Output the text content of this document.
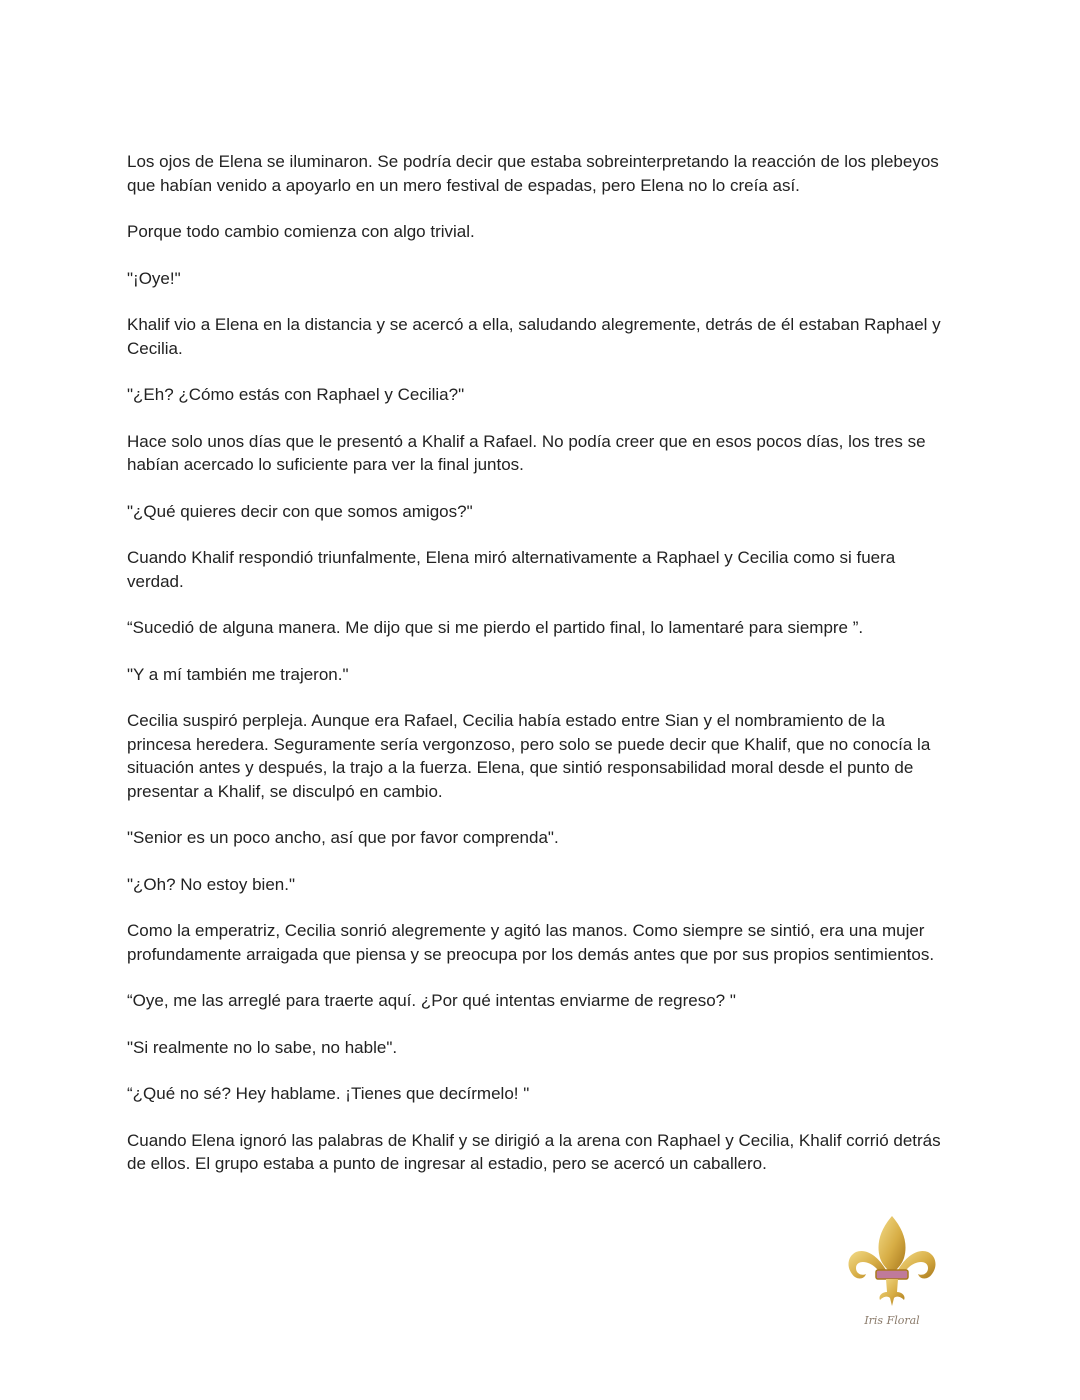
Los ojos de Elena se iluminaron. Se podría decir que estaba sobreinterpretando la reacción de los plebeyos que habían venido a apoyarlo en un mero festival de espadas, pero Elena no lo creía así.

Porque todo cambio comienza con algo trivial.

"¡Oye!"

Khalif vio a Elena en la distancia y se acercó a ella, saludando alegremente, detrás de él estaban Raphael y Cecilia.

"¿Eh? ¿Cómo estás con Raphael y Cecilia?"

Hace solo unos días que le presentó a Khalif a Rafael. No podía creer que en esos pocos días, los tres se habían acercado lo suficiente para ver la final juntos.

"¿Qué quieres decir con que somos amigos?"

Cuando Khalif respondió triunfalmente, Elena miró alternativamente a Raphael y Cecilia como si fuera verdad.

“Sucedió de alguna manera. Me dijo que si me pierdo el partido final, lo lamentaré para siempre ”.

"Y a mí también me trajeron."

Cecilia suspiró perpleja. Aunque era Rafael, Cecilia había estado entre Sian y el nombramiento de la princesa heredera. Seguramente sería vergonzoso, pero solo se puede decir que Khalif, que no conocía la situación antes y después, la trajo a la fuerza. Elena, que sintió responsabilidad moral desde el punto de presentar a Khalif, se disculpó en cambio.

"Senior es un poco ancho, así que por favor comprenda".

"¿Oh? No estoy bien."

Como la emperatriz, Cecilia sonrió alegremente y agitó las manos. Como siempre se sintió, era una mujer profundamente arraigada que piensa y se preocupa por los demás antes que por sus propios sentimientos.

“Oye, me las arreglé para traerte aquí. ¿Por qué intentas enviarme de regreso? "

"Si realmente no lo sabe, no hable".

“¿Qué no sé? Hey hablame. ¡Tienes que decírmelo! "

Cuando Elena ignoró las palabras de Khalif y se dirigió a la arena con Raphael y Cecilia, Khalif corrió detrás de ellos. El grupo estaba a punto de ingresar al estadio, pero se acercó un caballero.

Iris Floral
